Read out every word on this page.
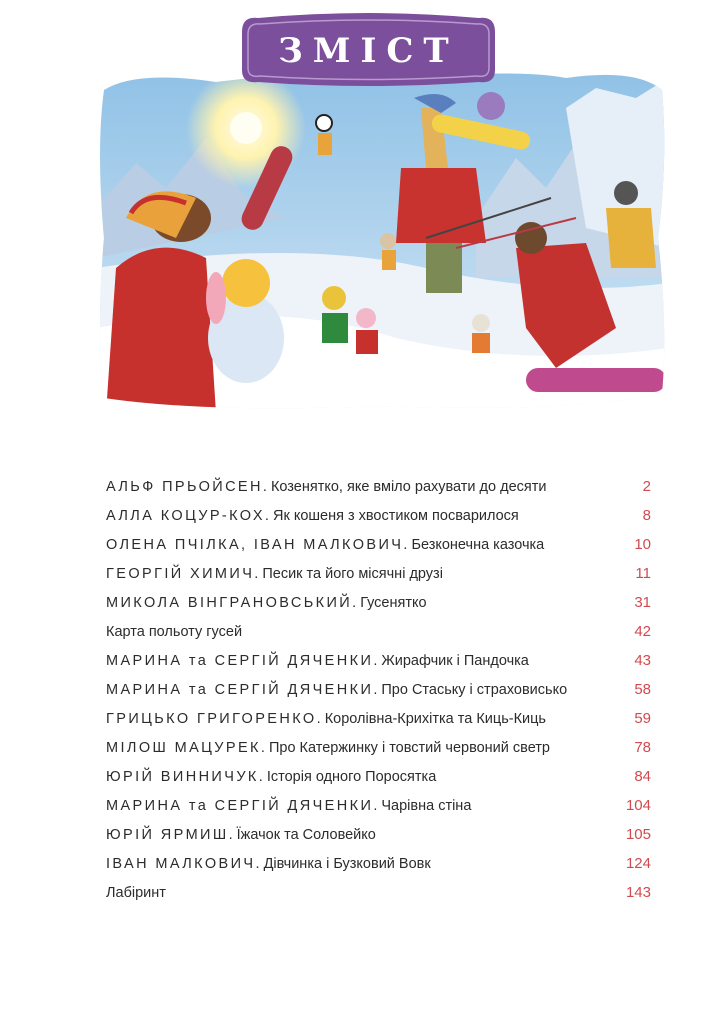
ЗМІСТ
АЛЬФ ПРЬОЙСЕН. Козенятко, яке вміло рахувати до десяти	2
АЛЛА КОЦУР-КОХ. Як кошеня з хвостиком посварилося	8
ОЛЕНА ПЧІЛКА, ІВАН МАЛКОВИЧ. Безконечна казочка	10
ГЕОРГІЙ ХИМИЧ. Песик та його місячні друзі	11
МИКОЛА ВІНГРАНОВСЬКИЙ. Гусенятко	31
Карта польоту гусей	42
МАРИНА та СЕРГІЙ ДЯЧЕНКИ. Жирафчик і Пандочка	43
МАРИНА та СЕРГІЙ ДЯЧЕНКИ. Про Стаську і страховисько	58
ГРИЦЬКО ГРИГОРЕНКО. Королівна-Крихітка та Киць-Киць	59
МІЛОШ МАЦУРЕК. Про Катержинку і товстий червоний светр	78
ЮРІЙ ВИННИЧУК. Історія одного Поросятка	84
МАРИНА та СЕРГІЙ ДЯЧЕНКИ. Чарівна стіна	104
ЮРІЙ ЯРМИШ. Їжачок та Соловейко	105
ІВАН МАЛКОВИЧ. Дівчинка і Бузковий Вовк	124
Лабіринт	143
